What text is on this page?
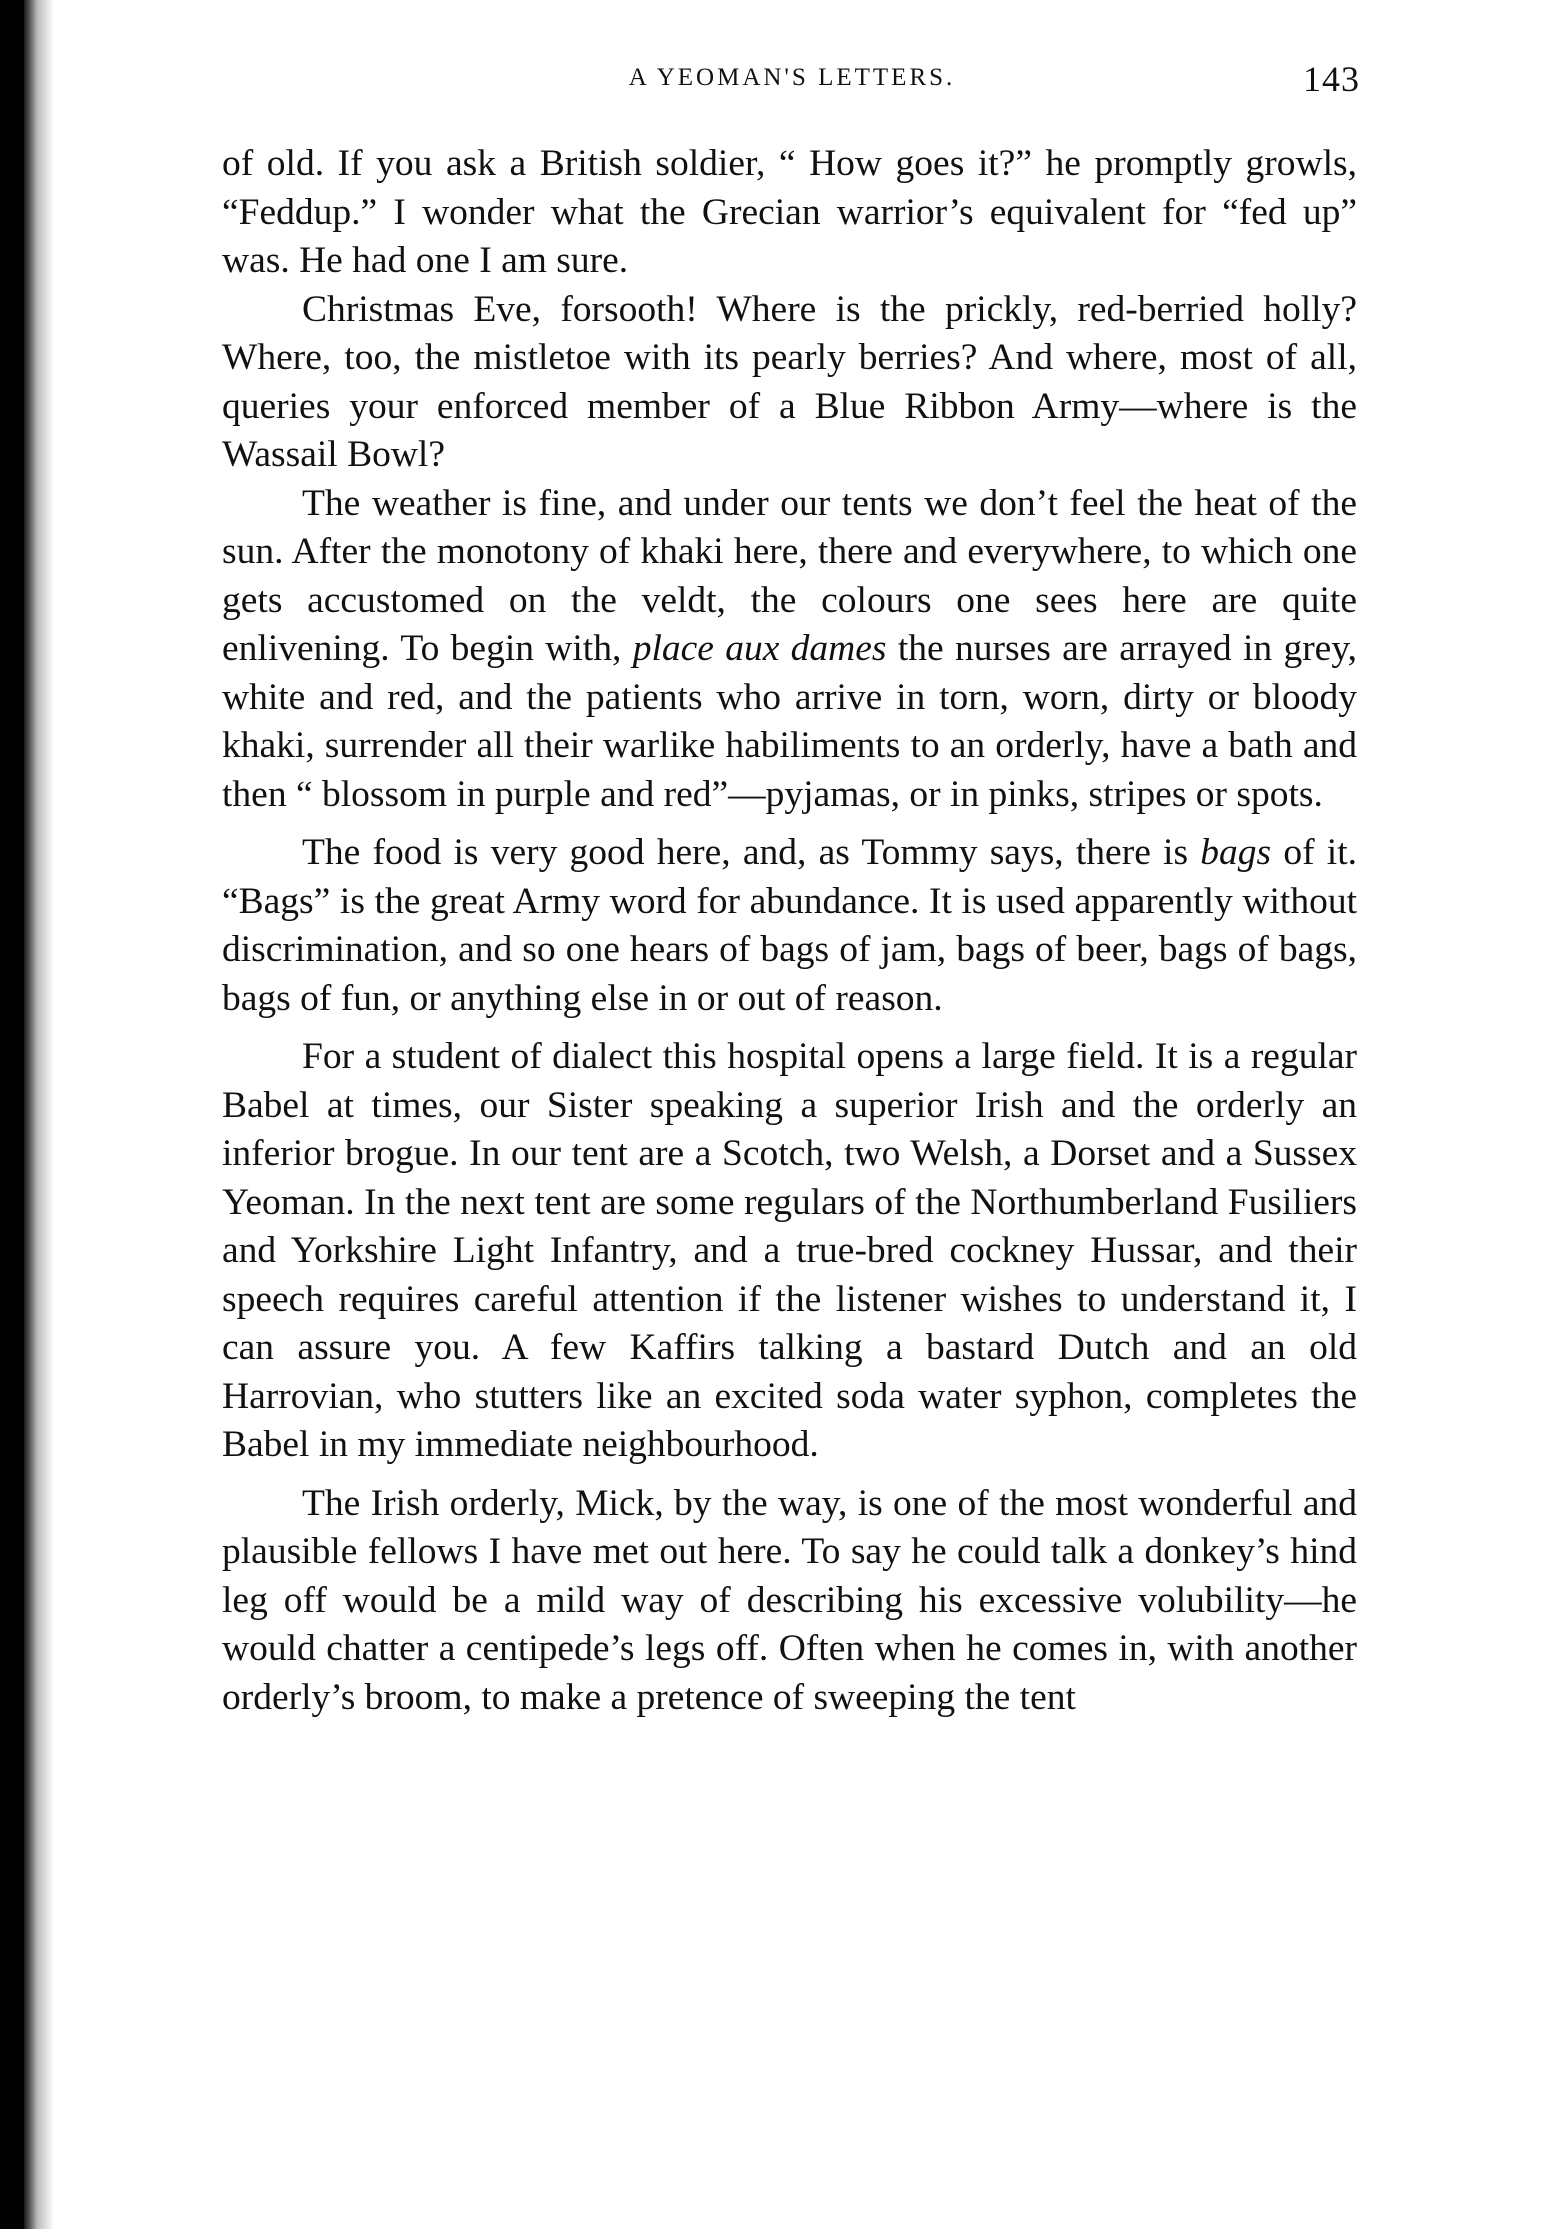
A YEOMAN'S LETTERS.	143

of old. If you ask a British soldier, “ How goes it?” he promptly growls, “Feddup.” I wonder what the Grecian warrior’s equivalent for “fed up” was. He had one I am sure.

Christmas Eve, forsooth! Where is the prickly, red-berried holly? Where, too, the mistletoe with its pearly berries? And where, most of all, queries your enforced member of a Blue Ribbon Army—where is the Wassail Bowl?

The weather is fine, and under our tents we don’t feel the heat of the sun. After the monotony of khaki here, there and everywhere, to which one gets accustomed on the veldt, the colours one sees here are quite enlivening. To begin with, place aux dames the nurses are arrayed in grey, white and red, and the patients who arrive in torn, worn, dirty or bloody khaki, surrender all their warlike habiliments to an orderly, have a bath and then “ blossom in purple and red”—pyjamas, or in pinks, stripes or spots.

The food is very good here, and, as Tommy says, there is bags of it. “Bags” is the great Army word for abundance. It is used apparently without discrimination, and so one hears of bags of jam, bags of beer, bags of bags, bags of fun, or anything else in or out of reason.

For a student of dialect this hospital opens a large field. It is a regular Babel at times, our Sister speaking a superior Irish and the orderly an inferior brogue. In our tent are a Scotch, two Welsh, a Dorset and a Sussex Yeoman. In the next tent are some regulars of the Northumberland Fusiliers and Yorkshire Light Infantry, and a true-bred cockney Hussar, and their speech requires careful attention if the listener wishes to understand it, I can assure you. A few Kaffirs talking a bastard Dutch and an old Harrovian, who stutters like an excited soda water syphon, completes the Babel in my immediate neighbourhood.

The Irish orderly, Mick, by the way, is one of the most wonderful and plausible fellows I have met out here. To say he could talk a donkey’s hind leg off would be a mild way of describing his excessive volubility—he would chatter a centipede’s legs off. Often when he comes in, with another orderly’s broom, to make a pretence of sweeping the tent
